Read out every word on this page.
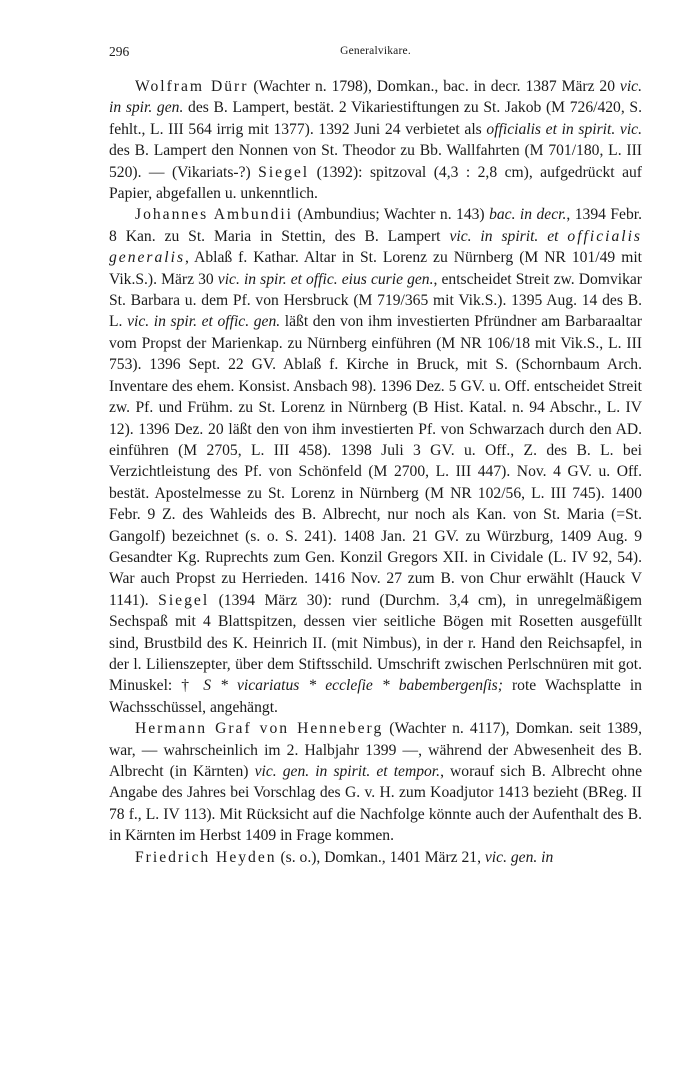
296	Generalvikare.

Wolfram Dürr (Wachter n. 1798), Domkan., bac. in decr. 1387 März 20 vic. in spir. gen. des B. Lampert, bestät. 2 Vikariestiftungen zu St. Jakob (M 726/420, S. fehlt., L. III 564 irrig mit 1377). 1392 Juni 24 verbietet als officialis et in spirit. vic. des B. Lampert den Nonnen von St. Theodor zu Bb. Wallfahrten (M 701/180, L. III 520). — (Vikariats-?) Siegel (1392): spitzoval (4,3 : 2,8 cm), aufgedrückt auf Papier, abgefallen u. unkenntlich.

Johannes Ambundii (Ambundius; Wachter n. 143) bac. in decr., 1394 Febr. 8 Kan. zu St. Maria in Stettin, des B. Lampert vic. in spirit. et officialis generalis, Ablaß f. Kathar. Altar in St. Lorenz zu Nürnberg (M NR 101/49 mit Vik.S.). März 30 vic. in spir. et offic. eius curie gen., entscheidet Streit zw. Domvikar St. Barbara u. dem Pf. von Hersbruck (M 719/365 mit Vik.S.). 1395 Aug. 14 des B. L. vic. in spir. et offic. gen. läßt den von ihm investierten Pfründner am Barbaraaltar vom Propst der Marienkap. zu Nürnberg einführen (M NR 106/18 mit Vik.S., L. III 753). 1396 Sept. 22 GV. Ablaß f. Kirche in Bruck, mit S. (Schornbaum Arch. Inventare des ehem. Konsist. Ansbach 98). 1396 Dez. 5 GV. u. Off. entscheidet Streit zw. Pf. und Frühm. zu St. Lorenz in Nürnberg (B Hist. Katal. n. 94 Abschr., L. IV 12). 1396 Dez. 20 läßt den von ihm investierten Pf. von Schwarzach durch den AD. einführen (M 2705, L. III 458). 1398 Juli 3 GV. u. Off., Z. des B. L. bei Verzichtleistung des Pf. von Schönfeld (M 2700, L. III 447). Nov. 4 GV. u. Off. bestät. Apostelmesse zu St. Lorenz in Nürnberg (M NR 102/56, L. III 745). 1400 Febr. 9 Z. des Wahleids des B. Albrecht, nur noch als Kan. von St. Maria (=St. Gangolf) bezeichnet (s. o. S. 241). 1408 Jan. 21 GV. zu Würzburg, 1409 Aug. 9 Gesandter Kg. Ruprechts zum Gen. Konzil Gregors XII. in Cividale (L. IV 92, 54). War auch Propst zu Herrieden. 1416 Nov. 27 zum B. von Chur erwählt (Hauck V 1141). Siegel (1394 März 30): rund (Durchm. 3,4 cm), in unregelmäßigem Sechspaß mit 4 Blattspitzen, dessen vier seitliche Bögen mit Rosetten ausgefüllt sind, Brustbild des K. Heinrich II. (mit Nimbus), in der r. Hand den Reichsapfel, in der l. Lilienszepter, über dem Stiftsschild. Umschrift zwischen Perlschnüren mit got. Minuskel: † S * vicariatus * eccleſie * babembergenſis; rote Wachsplatte in Wachsschüssel, angehängt.

Hermann Graf von Henneberg (Wachter n. 4117), Domkan. seit 1389, war, — wahrscheinlich im 2. Halbjahr 1399 —, während der Abwesenheit des B. Albrecht (in Kärnten) vic. gen. in spirit. et tempor., worauf sich B. Albrecht ohne Angabe des Jahres bei Vorschlag des G. v. H. zum Koadjutor 1413 bezieht (BReg. II 78 f., L. IV 113). Mit Rücksicht auf die Nachfolge könnte auch der Aufenthalt des B. in Kärnten im Herbst 1409 in Frage kommen.

Friedrich Heyden (s. o.), Domkan., 1401 März 21, vic. gen. in
